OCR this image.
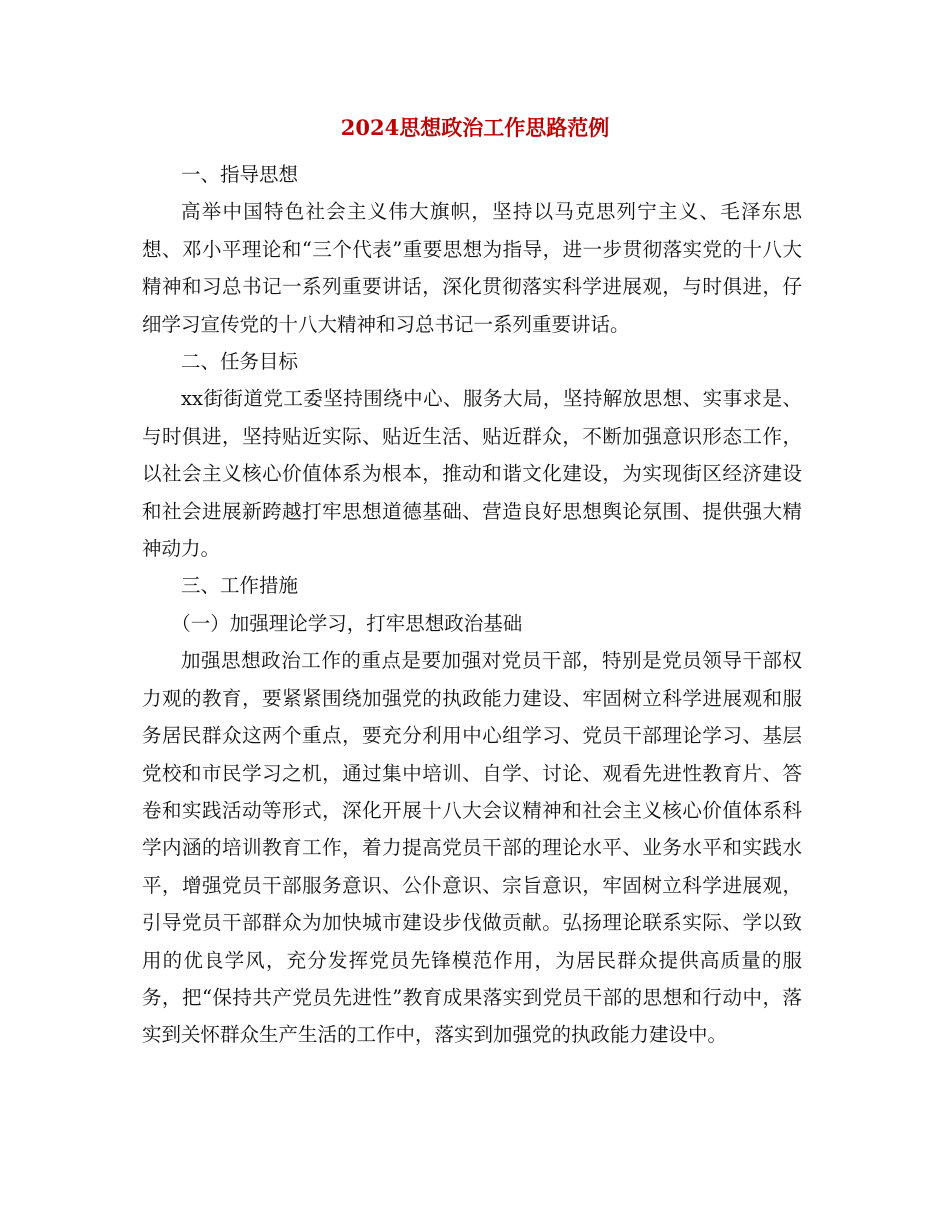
2024思想政治工作思路范例

一、指导思想

高举中国特色社会主义伟大旗帜，坚持以马克思列宁主义、毛泽东思想、邓小平理论和“三个代表”重要思想为指导，进一步贯彻落实党的十八大精神和习总书记一系列重要讲话，深化贯彻落实科学进展观，与时俱进，仔细学习宣传党的十八大精神和习总书记一系列重要讲话。

二、任务目标

xx街街道党工委坚持围绕中心、服务大局，坚持解放思想、实事求是、与时俱进，坚持贴近实际、贴近生活、贴近群众，不断加强意识形态工作，以社会主义核心价值体系为根本，推动和谐文化建设，为实现街区经济建设和社会进展新跨越打牢思想道德基础、营造良好思想舆论氛围、提供强大精神动力。

三、工作措施

（一）加强理论学习，打牢思想政治基础

加强思想政治工作的重点是要加强对党员干部，特别是党员领导干部权力观的教育，要紧紧围绕加强党的执政能力建设、牢固树立科学进展观和服务居民群众这两个重点，要充分利用中心组学习、党员干部理论学习、基层党校和市民学习之机，通过集中培训、自学、讨论、观看先进性教育片、答卷和实践活动等形式，深化开展十八大会议精神和社会主义核心价值体系科学内涵的培训教育工作，着力提高党员干部的理论水平、业务水平和实践水平，增强党员干部服务意识、公仆意识、宗旨意识，牢固树立科学进展观，引导党员干部群众为加快城市建设步伐做贡献。弘扬理论联系实际、学以致用的优良学风，充分发挥党员先锋模范作用，为居民群众提供高质量的服务，把“保持共产党员先进性”教育成果落实到党员干部的思想和行动中，落实到关怀群众生产生活的工作中，落实到加强党的执政能力建设中。
